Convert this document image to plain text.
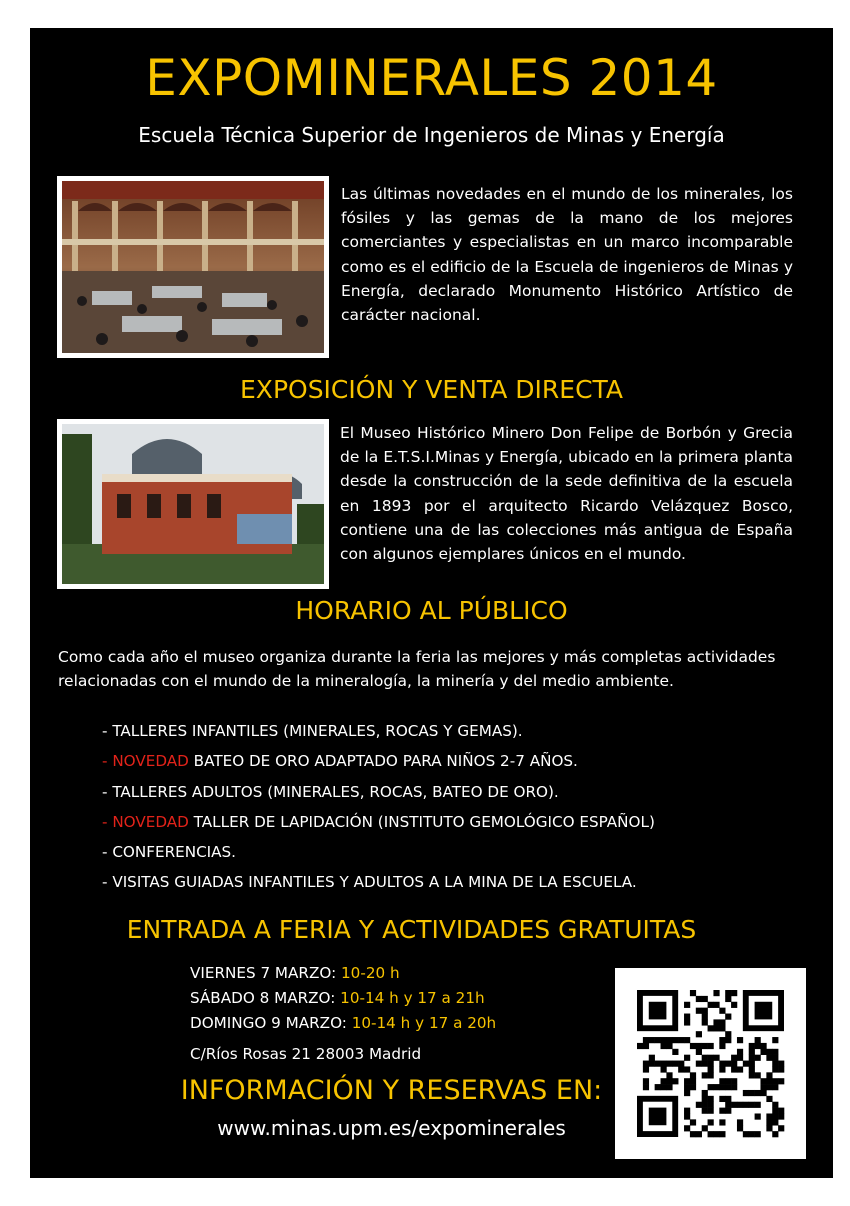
EXPOMINERALES 2014
Escuela Técnica Superior de Ingenieros de Minas y Energía
Las últimas novedades en el mundo de los minerales, los fósiles y las gemas de la mano de los mejores comerciantes y especialistas en un marco incomparable como es el edificio de la Escuela de ingenieros de Minas y Energía, declarado Monumento Histórico Artístico de carácter nacional.
EXPOSICIÓN Y VENTA DIRECTA
El Museo Histórico Minero Don Felipe de Borbón y Grecia de la E.T.S.I.Minas y Energía, ubicado en la primera planta desde la construcción de la sede definitiva de la escuela en 1893 por el arquitecto Ricardo Velázquez Bosco, contiene una de las colecciones más antigua de España con algunos ejemplares únicos en el mundo.
HORARIO AL PÚBLICO
Como cada año el museo organiza durante la feria las mejores y más completas actividades relacionadas con el mundo de la mineralogía, la minería y del medio ambiente.
- TALLERES INFANTILES (MINERALES, ROCAS Y GEMAS).
- NOVEDAD BATEO DE ORO ADAPTADO PARA NIÑOS 2-7 AÑOS.
- TALLERES ADULTOS (MINERALES, ROCAS, BATEO DE ORO).
- NOVEDAD TALLER DE LAPIDACIÓN (INSTITUTO GEMOLÓGICO ESPAÑOL)
- CONFERENCIAS.
- VISITAS GUIADAS INFANTILES Y ADULTOS A LA MINA DE LA ESCUELA.
ENTRADA A FERIA Y ACTIVIDADES GRATUITAS
VIERNES 7 MARZO: 10-20 h
SÁBADO 8 MARZO: 10-14 h y 17 a 21h
DOMINGO 9 MARZO: 10-14 h y 17 a 20h
C/Ríos Rosas 21 28003 Madrid
INFORMACIÓN Y RESERVAS EN:
www.minas.upm.es/expominerales
